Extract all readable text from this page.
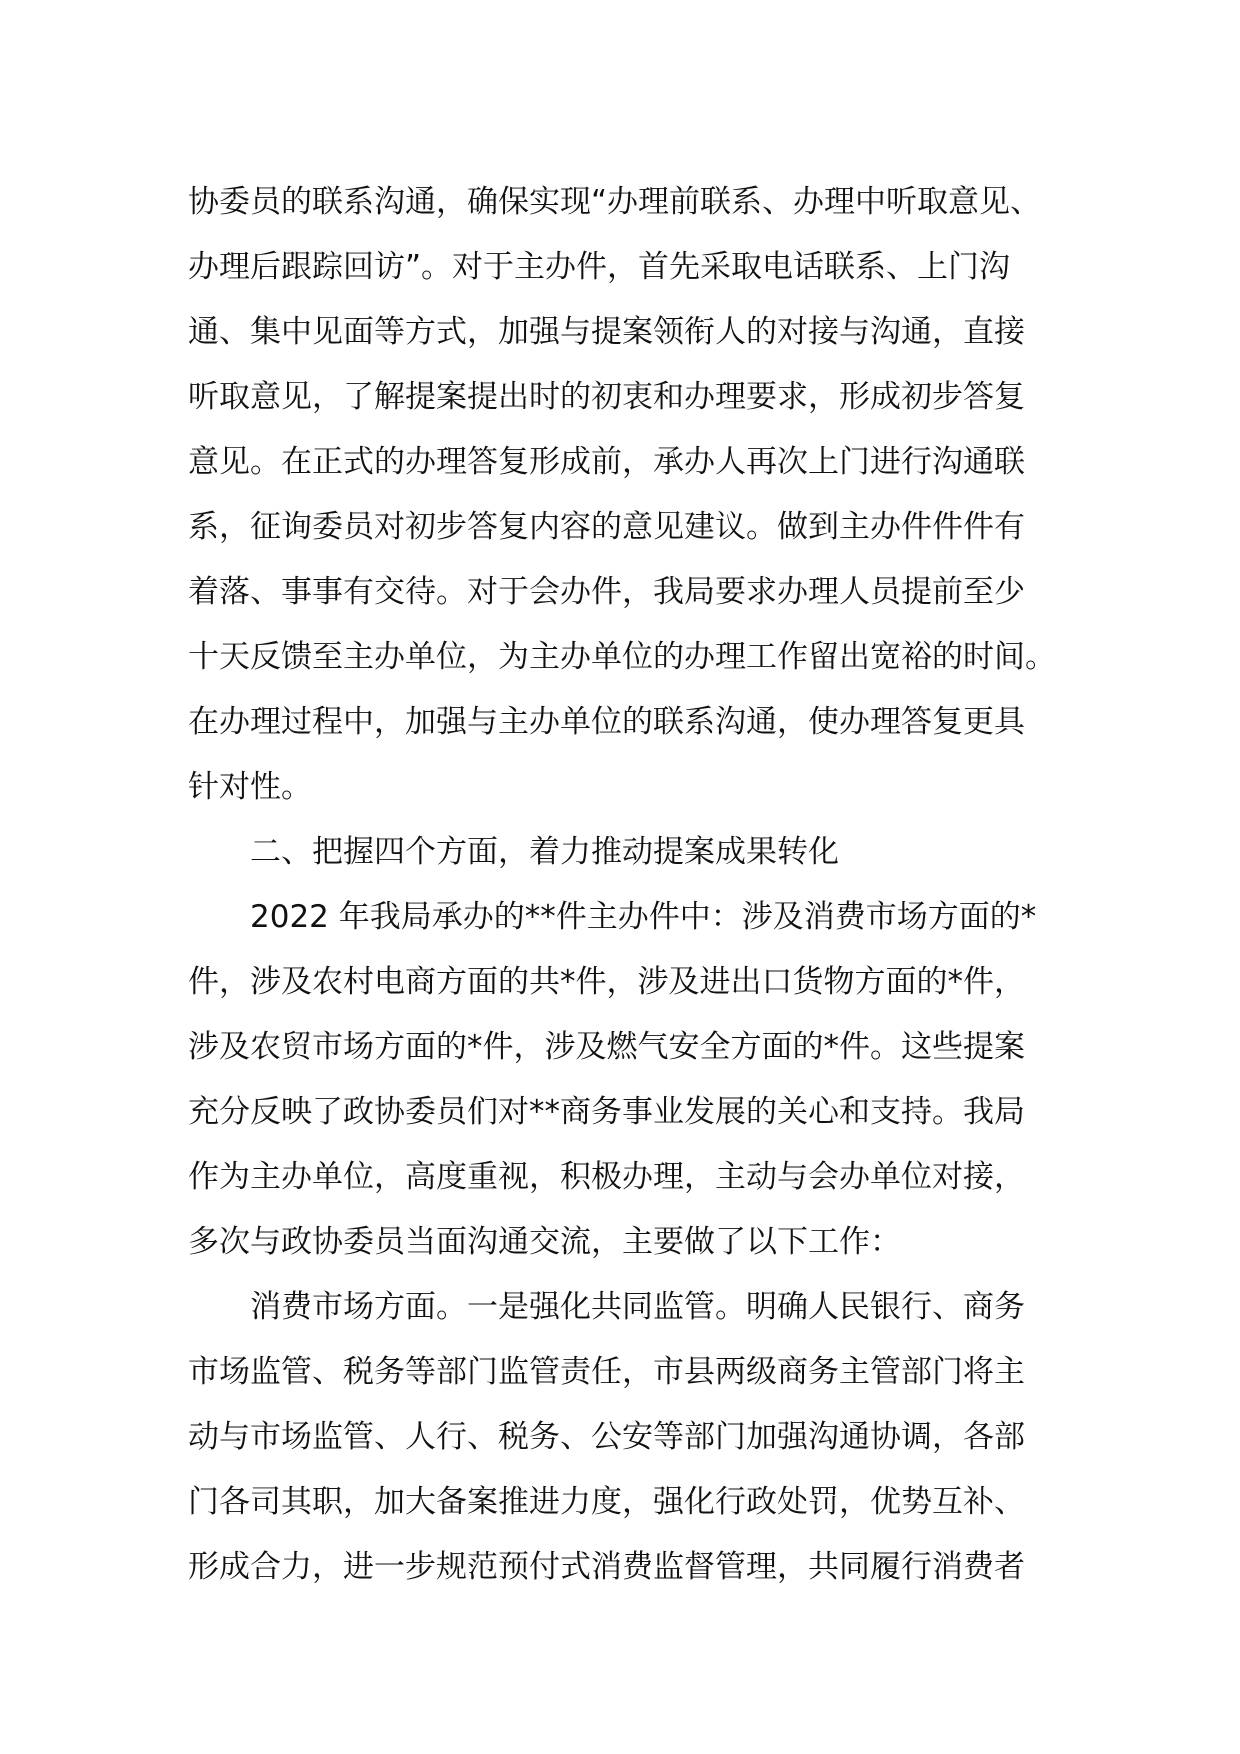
协委员的联系沟通，确保实现“办理前联系、办理中听取意见、
办理后跟踪回访”。对于主办件，首先采取电话联系、上门沟
通、集中见面等方式，加强与提案领衔人的对接与沟通，直接
听取意见，了解提案提出时的初衷和办理要求，形成初步答复
意见。在正式的办理答复形成前，承办人再次上门进行沟通联
系，征询委员对初步答复内容的意见建议。做到主办件件件有
着落、事事有交待。对于会办件，我局要求办理人员提前至少
十天反馈至主办单位，为主办单位的办理工作留出宽裕的时间。
在办理过程中，加强与主办单位的联系沟通，使办理答复更具
针对性。

二、把握四个方面，着力推动提案成果转化

2022 年我局承办的**件主办件中：涉及消费市场方面的*
件，涉及农村电商方面的共*件，涉及进出口货物方面的*件，
涉及农贸市场方面的*件，涉及燃气安全方面的*件。这些提案
充分反映了政协委员们对**商务事业发展的关心和支持。我局
作为主办单位，高度重视，积极办理，主动与会办单位对接，
多次与政协委员当面沟通交流，主要做了以下工作：

消费市场方面。一是强化共同监管。明确人民银行、商务
市场监管、税务等部门监管责任，市县两级商务主管部门将主
动与市场监管、人行、税务、公安等部门加强沟通协调，各部
门各司其职，加大备案推进力度，强化行政处罚，优势互补、
形成合力，进一步规范预付式消费监督管理，共同履行消费者
